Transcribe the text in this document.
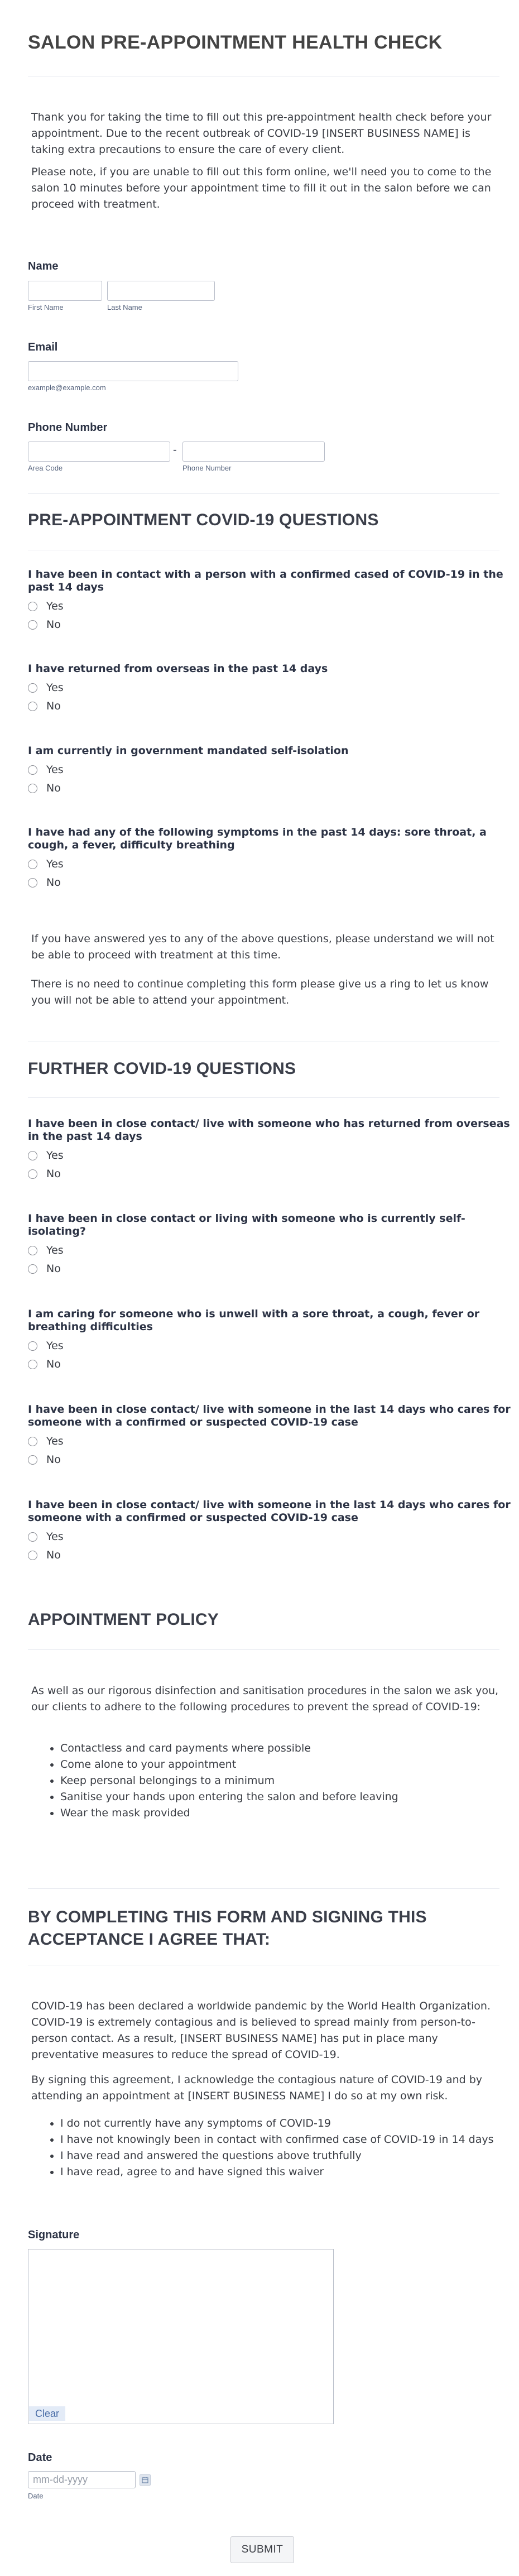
SALON PRE-APPOINTMENT HEALTH CHECK

Thank you for taking the time to fill out this pre-appointment health check before your appointment. Due to the recent outbreak of COVID-19 [INSERT BUSINESS NAME] is taking extra precautions to ensure the care of every client.

Please note, if you are unable to fill out this form online, we'll need you to come to the salon 10 minutes before your appointment time to fill it out in the salon before we can proceed with treatment.

Name
First Name	Last Name
Email
example@example.com
Phone Number
-
Area Code	Phone Number
PRE-APPOINTMENT COVID-19 QUESTIONS
I have been in contact with a person with a confirmed cased of COVID-19 in the past 14 days
Yes
No
I have returned from overseas in the past 14 days
Yes
No
I am currently in government mandated self-isolation
Yes
No
I have had any of the following symptoms in the past 14 days: sore throat, a cough, a fever, difficulty breathing
Yes
No

If you have answered yes to any of the above questions, please understand we will not be able to proceed with treatment at this time.

There is no need to continue completing this form please give us a ring to let us know you will not be able to attend your appointment.

FURTHER COVID-19 QUESTIONS
I have been in close contact/ live with someone who has returned from overseas in the past 14 days
Yes
No
I have been in close contact or living with someone who is currently self-isolating?
Yes
No
I am caring for someone who is unwell with a sore throat, a cough, fever or breathing difficulties
Yes
No
I have been in close contact/ live with someone in the last 14 days who cares for someone with a confirmed or suspected COVID-19 case
Yes
No
I have been in close contact/ live with someone in the last 14 days who cares for someone with a confirmed or suspected COVID-19 case
Yes
No
APPOINTMENT POLICY

As well as our rigorous disinfection and sanitisation procedures in the salon we ask you, our clients to adhere to the following procedures to prevent the spread of COVID-19:

• Contactless and card payments where possible
• Come alone to your appointment
• Keep personal belongings to a minimum
• Sanitise your hands upon entering the salon and before leaving
• Wear the mask provided
BY COMPLETING THIS FORM AND SIGNING THIS
ACCEPTANCE I AGREE THAT:

COVID-19 has been declared a worldwide pandemic by the World Health Organization. COVID-19 is extremely contagious and is believed to spread mainly from person-to-person contact. As a result, [INSERT BUSINESS NAME] has put in place many preventative measures to reduce the spread of COVID-19.

By signing this agreement, I acknowledge the contagious nature of COVID-19 and by attending an appointment at [INSERT BUSINESS NAME] I do so at my own risk.

• I do not currently have any symptoms of COVID-19
• I have not knowingly been in contact with confirmed case of COVID-19 in 14 days
• I have read and answered the questions above truthfully
• I have read, agree to and have signed this waiver
Signature
Clear
Date
mm-dd-yyyy
Date
SUBMIT
